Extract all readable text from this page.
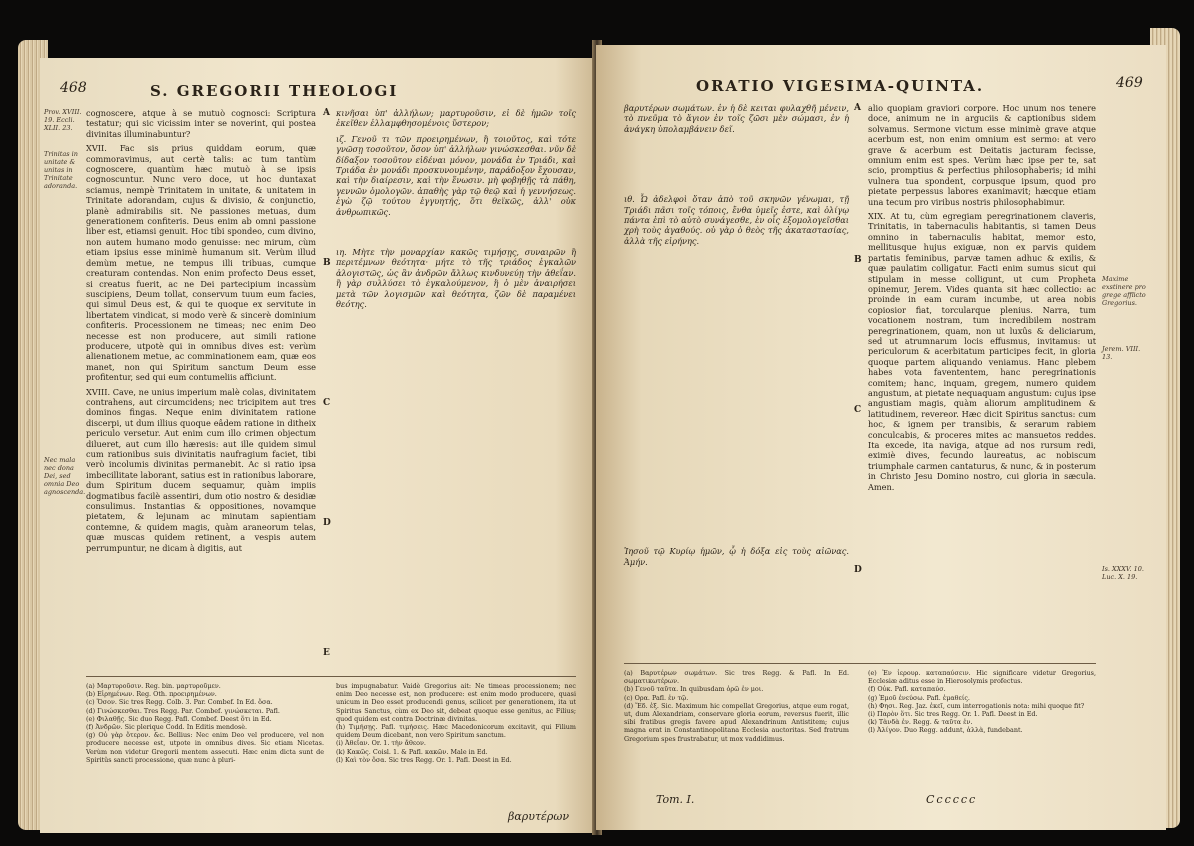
468	S. GREGORII THEOLOGI
Prov. XVIII. 19. Eccli. XLII. 23.
Trinitas in unitate & unitas in Trinitate adoranda.
Nec mala nec dona Dei, sed omnia Deo agnoscenda.

cognoscere, atque à se mutuò cognosci: Scriptura testatur; qui sic vicissim inter se noverint, qui postea divinitas illuminabuntur?

XVII. Fac sis prius quiddam eorum, quæ commoravimus, aut certè talis: ac tum tantùm cognoscere, quantùm hæc mutuò à se ipsis cognoscuntur. Nunc vero doce, ut hoc duntaxat sciamus, nempè Trinitatem in unitate, & unitatem in Trinitate adorandam, cujus & divisio, & conjunctio, planè admirabilis sit. Ne passiones metuas, dum generationem confiteris. Deus enim ab omni passione liber est, etiamsi genuit. Hoc tibi spondeo, cum divino, non autem humano modo genuisse: nec mirum, cùm etiam ipsius esse minimè humanum sit. Verùm illud demùm metue, ne tempus illi tribuas, cumque creaturam contendas. Non enim profecto Deus esset, si creatus fuerit, ac ne Dei partecipium incassùm suscipiens, Deum tollat, conservum tuum eum facies, qui simul Deus est, & qui te quoque ex servitute in libertatem vindicat, si modo verè & sincerè dominium confiteris. Processionem ne timeas; nec enim Deo necesse est non producere, aut simili ratione producere, utpotè qui in omnibus dives est: verùm alienationem metue, ac comminationem eam, quæ eos manet, non qui Spiritum sanctum Deum esse profitentur, sed qui eum contumeliis afficiunt.

XVIII. Cave, ne unius imperium malè colas, divinitatem contrahens, aut circumcidens; nec tricipitem aut tres dominos fingas. Neque enim divinitatem ratione discerpi, ut dum illius quoque eâdem ratione in ditheix periculo versetur. Aut enim cum illo crimen objectum dilueret, aut cum illo hæresis: aut ille quidem simul cum rationibus suis divinitatis naufragium faciet, tibi verò incolumis divinitas permanebit. Ac si ratio ipsa imbecillitate laborant, satius est in rationibus laborare, dum Spiritum ducem sequamur, quàm impiis dogmatibus facilè assentiri, dum otio nostro & desidiæ consulimus. Instantias & oppositiones, novamque pietatem, & lejunam ac minutam sapientiam contemne, & quidem magis, quàm araneorum telas, quæ muscas quidem retinent, a vespis autem perrumpuntur, ne dicam à digitis, aut

A
B
C
D
E

κινῆσαι ὑπ' ἀλλήλων; μαρτυροῦσιν, εἰ δὲ ἡμῶν τοῖς ἐκεῖθεν ἐλλαμφθησομένοις ὕστερον;

ιζ. Γενοῦ τι τῶν προειρημένων, ἢ τοιοῦτος, καὶ τότε γνῶσῃ τοσοῦτον, ὅσον ὑπ' ἀλλήλων γινώσκεσθαι. νῦν δὲ δίδαξον τοσοῦτον εἰδέναι μόνον, μονάδα ἐν Τριάδι, καὶ Τριάδα ἐν μονάδι προσκυνουμένην, παράδοξον ἔχουσαν, καὶ τὴν διαίρεσιν, καὶ τὴν ἕνωσιν. μὴ φοβηθῇς τὰ πάθη, γεννῶν ὁμολογῶν. ἀπαθὴς γὰρ τῷ θεῷ καὶ ἡ γεννήσεως. ἐγὼ ζῷ τούτου ἐγγυητής, ὅτι θεϊκῶς, ἀλλ' οὐκ ἀνθρωπικῶς.

ιη. Μὴτε τὴν μοναρχίαν κακῶς τιμήσῃς, συναιρῶν ἢ περιτέμνων θεότητα· μήτε τὸ τῆς τριάδος ἐγκαλῶν ἀλογιστῶς, ὡς ἂν ἀνδρῶν ἄλλως κινδυνεύῃ τὴν ἀθεΐαν. ἢ γὰρ συλλύσει τὸ ἐγκαλούμενον, ἢ ὁ μὲν ἀναιρήσει μετὰ τῶν λογισμῶν καὶ θεότητα, ζῶν δὲ παραμένει θεότης.

(a) Μαρτυροῦσιν. Reg. bin. μαρτυροῦμεν.
(b) Εἰρημένων. Reg. Oth. προειρημένων.
(c) Ὅσον. Sic tres Regg. Colb. 3. Par. Combef. In Ed. ὅσα.
(d) Γινώσκεσθαι. Tres Regg. Par. Combef. γινώσκεται. Pafl.
(e) Φιλαθῇς. Sic duo Regg. Pafl. Combef. Deest ὅτι in Ed.
(f) Ἀνδρῶν. Sic plerique Codd. In Editis mendosè.
(g) Οὐ γὰρ ὅτερον. &c. Bellius: Nec enim Deo vel producere, vel non producere necesse est, utpote in omnibus dives. Sic etiam Nicetas. Verùm non videtur Gregorii mentem assecuti. Hæc enim dicta sunt de Spiritûs sancti processione, quæ nunc à pluri-
bus impugnabatur. Vaidè Gregorius ait: Ne timeas processionem; nec enim Deo necesse est, non producere: est enim modo producere, quasi unicum in Deo esset producendi genus, scilicet per generationem, ita ut Spiritus Sanctus, cùm ex Deo sit, debeat quoque esse genitus, ac Filius; quod quidem est contra Doctrinæ divinitas.
(h) Τιμήσῃς. Pafl. τιμήσεις. Hæc Macedonicorum excitavit, qui Filium quidem Deum dicebant, non vero Spiritum sanctum.
(i) Ἀθεΐαν. Or. 1. τὴν ἄθεον.
(k) Κακῶς. Coisl. 1. & Pafl. κακῶν. Male in Ed.
(l) Καὶ τὸν ὅσα. Sic tres Regg. Or. 1. Pafl. Deest in Ed.
βαρυτέρων
ORATIO VIGESIMA-QUINTA.	469

βαρυτέρων σωμάτων. ἐν ἡ δὲ κειται φυλαχθῆ μένειν, τὸ πνεῦμα τὸ ἅγιον ἐν τοῖς ζῶσι μὲν σώμασι, ἐν ἡ ἀνάγκη ὑπολαμβάνειν δεῖ.

ιθ. Ὦ ἀδελφοὶ ὅταν ἀπὸ τοῦ σκηνῶν γένωμαι, τῇ Τριάδι πᾶσι τοῖς τόποις, ἔνθα ὑμεῖς ἐστε, καὶ ὀλίγῳ πάντα ἐπὶ τὸ αὐτὸ συνάγεσθε, ἐν οἷς ἐξομολογεῖσθαι χρὴ τοὺς ἀγαθούς. οὐ γὰρ ὁ θεὸς τῆς ἀκαταστασίας, ἀλλὰ τῆς εἰρήνης.

Ἰησοῦ τῷ Κυρίῳ ἡμῶν, ᾧ ἡ δόξα εἰς τοὺς αἰῶνας. Ἀμήν.

A
B
C
D

alio quopiam graviori corpore. Hoc unum nos tenere doce, animum ne in arguciis & captionibus sidem solvamus. Sermone victum esse minimè grave atque acerbum est, non enim omnium est sermo: at vero grave & acerbum est Deitatis jacturam fecisse, omnium enim est spes. Verùm hæc ipse per te, sat scio, promptius & perfectius philosophaberis; id mihi vulnera tua spondent, corpusque ipsum, quod pro pietate perpessus labores exanimavit; hæcque etiam una tecum pro viribus nostris philosophabimur.

XIX. At tu, cùm egregiam peregrinationem claveris, Trinitatis, in tabernaculis habitantis, si tamen Deus omnino in tabernaculis habitat, memor esto, mellitusque hujus exiguæ, non ex parvis quidem partatis feminibus, parvæ tamen adhuc & exilis, & quæ paulatim colligatur. Facti enim sumus sicut qui stipulam in messe colligunt, ut cum Propheta opinemur, Jerem. Vides quanta sit hæc collectio: ac proinde in eam curam incumbe, ut area nobis copiosior fiat, torcularque plenius. Narra, tum vocationem nostram, tum incredibilem nostram peregrinationem, quam, non ut luxûs & deliciarum, sed ut atrumnarum locis effusmus, invitamus: ut periculorum & acerbitatum participes fecit, in gloria quoque partem aliquando veniamus. Hanc plebem habes vota favententem, hanc peregrinationis comitem; hanc, inquam, gregem, numero quidem angustum, at pietate nequaquam angustum: cujus ipse angustiam magis, quàm aliorum amplitudinem & latitudinem, revereor. Hæc dicit Spiritus sanctus: cum hoc, & ignem per transibis, & serarum rabiem conculcabis, & proceres mites ac mansuetos reddes. Ita excede, ita naviga, atque ad nos rursum redi, eximiè dives, fecundo laureatus, ac nobiscum triumphale carmen cantaturus, & nunc, & in posterum in Christo Jesu Domino nostro, cui gloria in sæcula. Amen.

Maxime exstinere pro grege afflicto Gregorius.
Jerem. VIII. 13.
Is. XXXV. 10. Luc. X. 19.
(a) Βαρυτέρων σωμάτων. Sic tres Regg. & Pafl. In Ed. σωματικωτέρων.
(b) Γενοῦ ταῦτα. In quibusdam ὁρῶ ἐν μοι.
(c) Ορα. Pafl. ἐν τῷ.
(d) Ἔδ. ἐξ. Sic. Maximum hic compellat Gregorius, atque eum rogat, ut, dum Alexandriam, conservare gloria eorum, reversus fuerit, illic sibi fratibus gregis favere apud Alexandrinum Antistitem; cujus magna erat in Constantinopolitana Ecclesia auctoritas. Sed fratrum Gregorium spes frustrabatur, ut mox vaddidimus.
(e) Ἐν ἱερουρ. καταπαύσειν. Hic significare videtur Gregorius, Ecclesiæ aditus esse in Hierosolymis profectus.
(f) Οὐκ. Pafl. καταπαύσ.
(g) Ἐμοῦ ἐνεύσω. Pafl. ἐμαθείς.
(h) Φησι. Reg. Jaz. ἐκεῖ, cum interrogationis nota: mihi quoque fit?
(i) Παρὸν ὅτι. Sic tres Regg. Or. 1. Pafl. Deest in Ed.
(k) Τὰνδὰ ἐν. Regg. & ταῦτα ἐν.
(l) Ἀλίγον. Duo Regg. addunt, ἀλλὰ, fundebant.
Tom. I.	Cccccc
